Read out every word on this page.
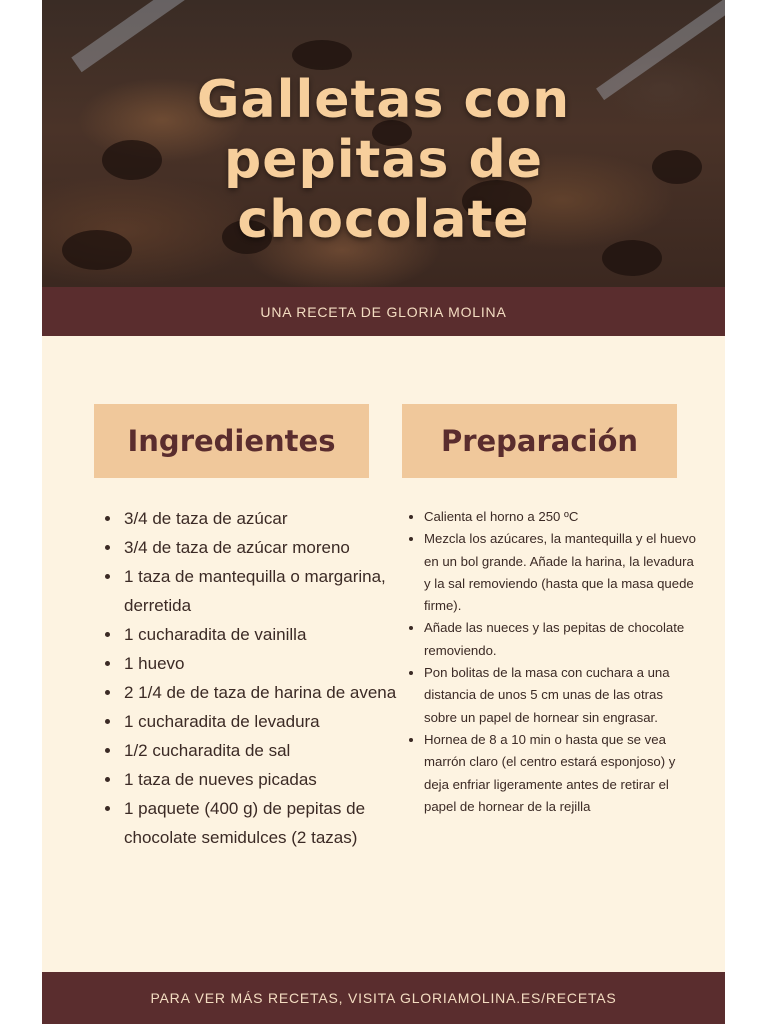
Galletas con
pepitas de
chocolate
UNA RECETA DE GLORIA MOLINA
Ingredientes	Preparación
• 3/4 de taza de azúcar
• 3/4 de taza de azúcar moreno
• 1 taza de mantequilla o margarina, derretida
• 1 cucharadita de vainilla
• 1 huevo
• 2 1/4 de de taza de harina de avena
• 1 cucharadita de levadura
• 1/2 cucharadita de sal
• 1 taza de nueves picadas
• 1 paquete (400 g) de pepitas de chocolate semidulces (2 tazas)
• Calienta el horno a 250 ºC
• Mezcla los azúcares, la mantequilla y el huevo en un bol grande. Añade la harina, la levadura y la sal removiendo (hasta que la masa quede firme).
• Añade las nueces y las pepitas de chocolate removiendo.
• Pon bolitas de la masa con cuchara a una distancia de unos 5 cm unas de las otras sobre un papel de hornear sin engrasar.
• Hornea de 8 a 10 min o hasta que se vea marrón claro (el centro estará esponjoso) y deja enfriar ligeramente antes de retirar el papel de hornear de la rejilla
PARA VER MÁS RECETAS, VISITA GLORIAMOLINA.ES/RECETAS
